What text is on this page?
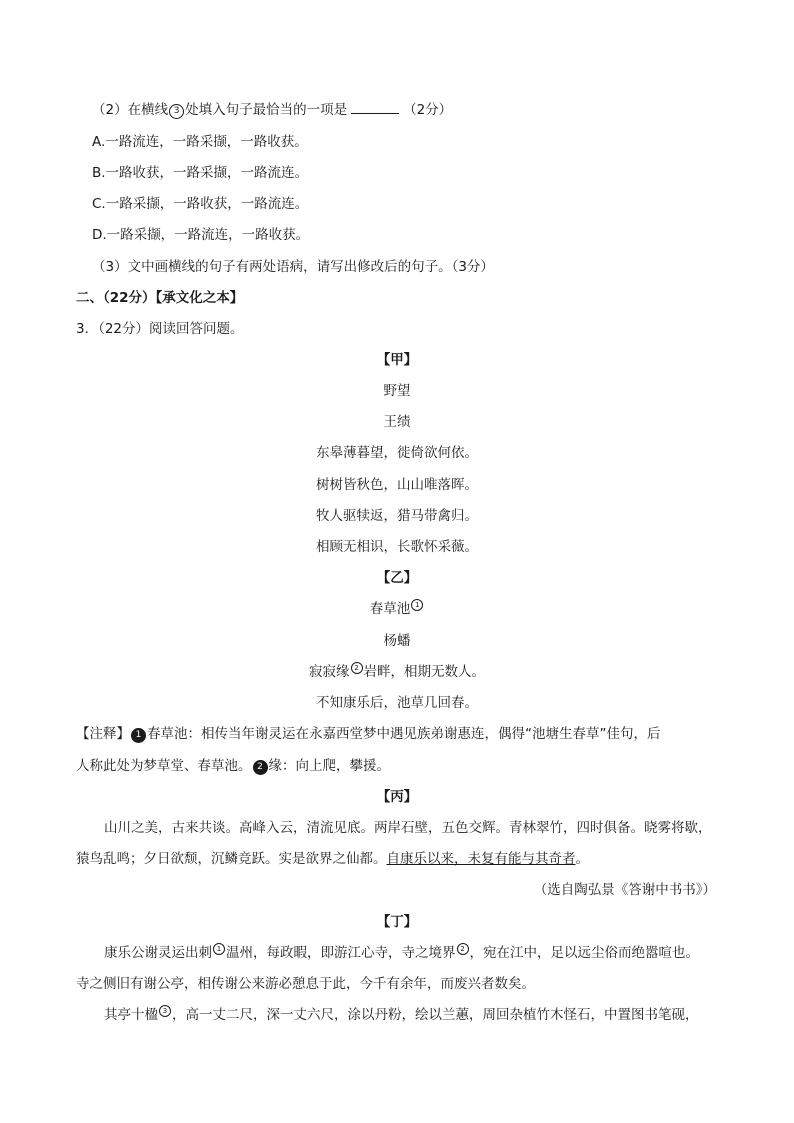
（2）在横线 3 处填入句子最恰当的一项是	（2分）
A.一路流连，一路采撷，一路收获。
B.一路收获，一路采撷，一路流连。
C.一路采撷，一路收获，一路流连。
D.一路采撷，一路流连，一路收获。
（3）文中画横线的句子有两处语病，请写出修改后的句子。（3分）
二、（22分）【承文化之本】
3．（22分）阅读回答问题。
【甲】
野望
王绩
东皋薄暮望，徙倚欲何依。
树树皆秋色，山山唯落晖。
牧人驱犊返，猎马带禽归。
相顾无相识，长歌怀采薇。
【乙】
春草池 $^1$
杨蟠
寂寂缘 $^2$ 岩畔，相期无数人。
不知康乐后，池草几回春。
【注释】 1 春草池：相传当年谢灵运在永嘉西堂梦中遇见族弟谢惠连，偶得“池塘生春草”佳句，后
人称此处为梦草堂、春草池。 2 缘：向上爬，攀援。
【丙】
山川之美，古来共谈。高峰入云，清流见底。两岸石壁，五色交辉。青林翠竹，四时俱备。晓雾将歇，
猿鸟乱鸣；夕日欲颓，沉鳞竞跃。实是欲界之仙都。自康乐以来，未复有能与其奇者。
（选自陶弘景《答谢中书书》）
【丁】
康乐公谢灵运出刺 $^1$ 温州，每政暇，即游江心寺，寺之境界 $^2$ ，宛在江中，足以远尘俗而绝嚣喧也。
寺之侧旧有谢公亭，相传谢公来游必憩息于此，今千有余年，而废兴者数矣。
其亭十楹 $^3$ ，高一丈二尺，深一丈六尺，涂以丹粉，绘以兰蕙，周回杂植竹木怪石，中置图书笔砚，
